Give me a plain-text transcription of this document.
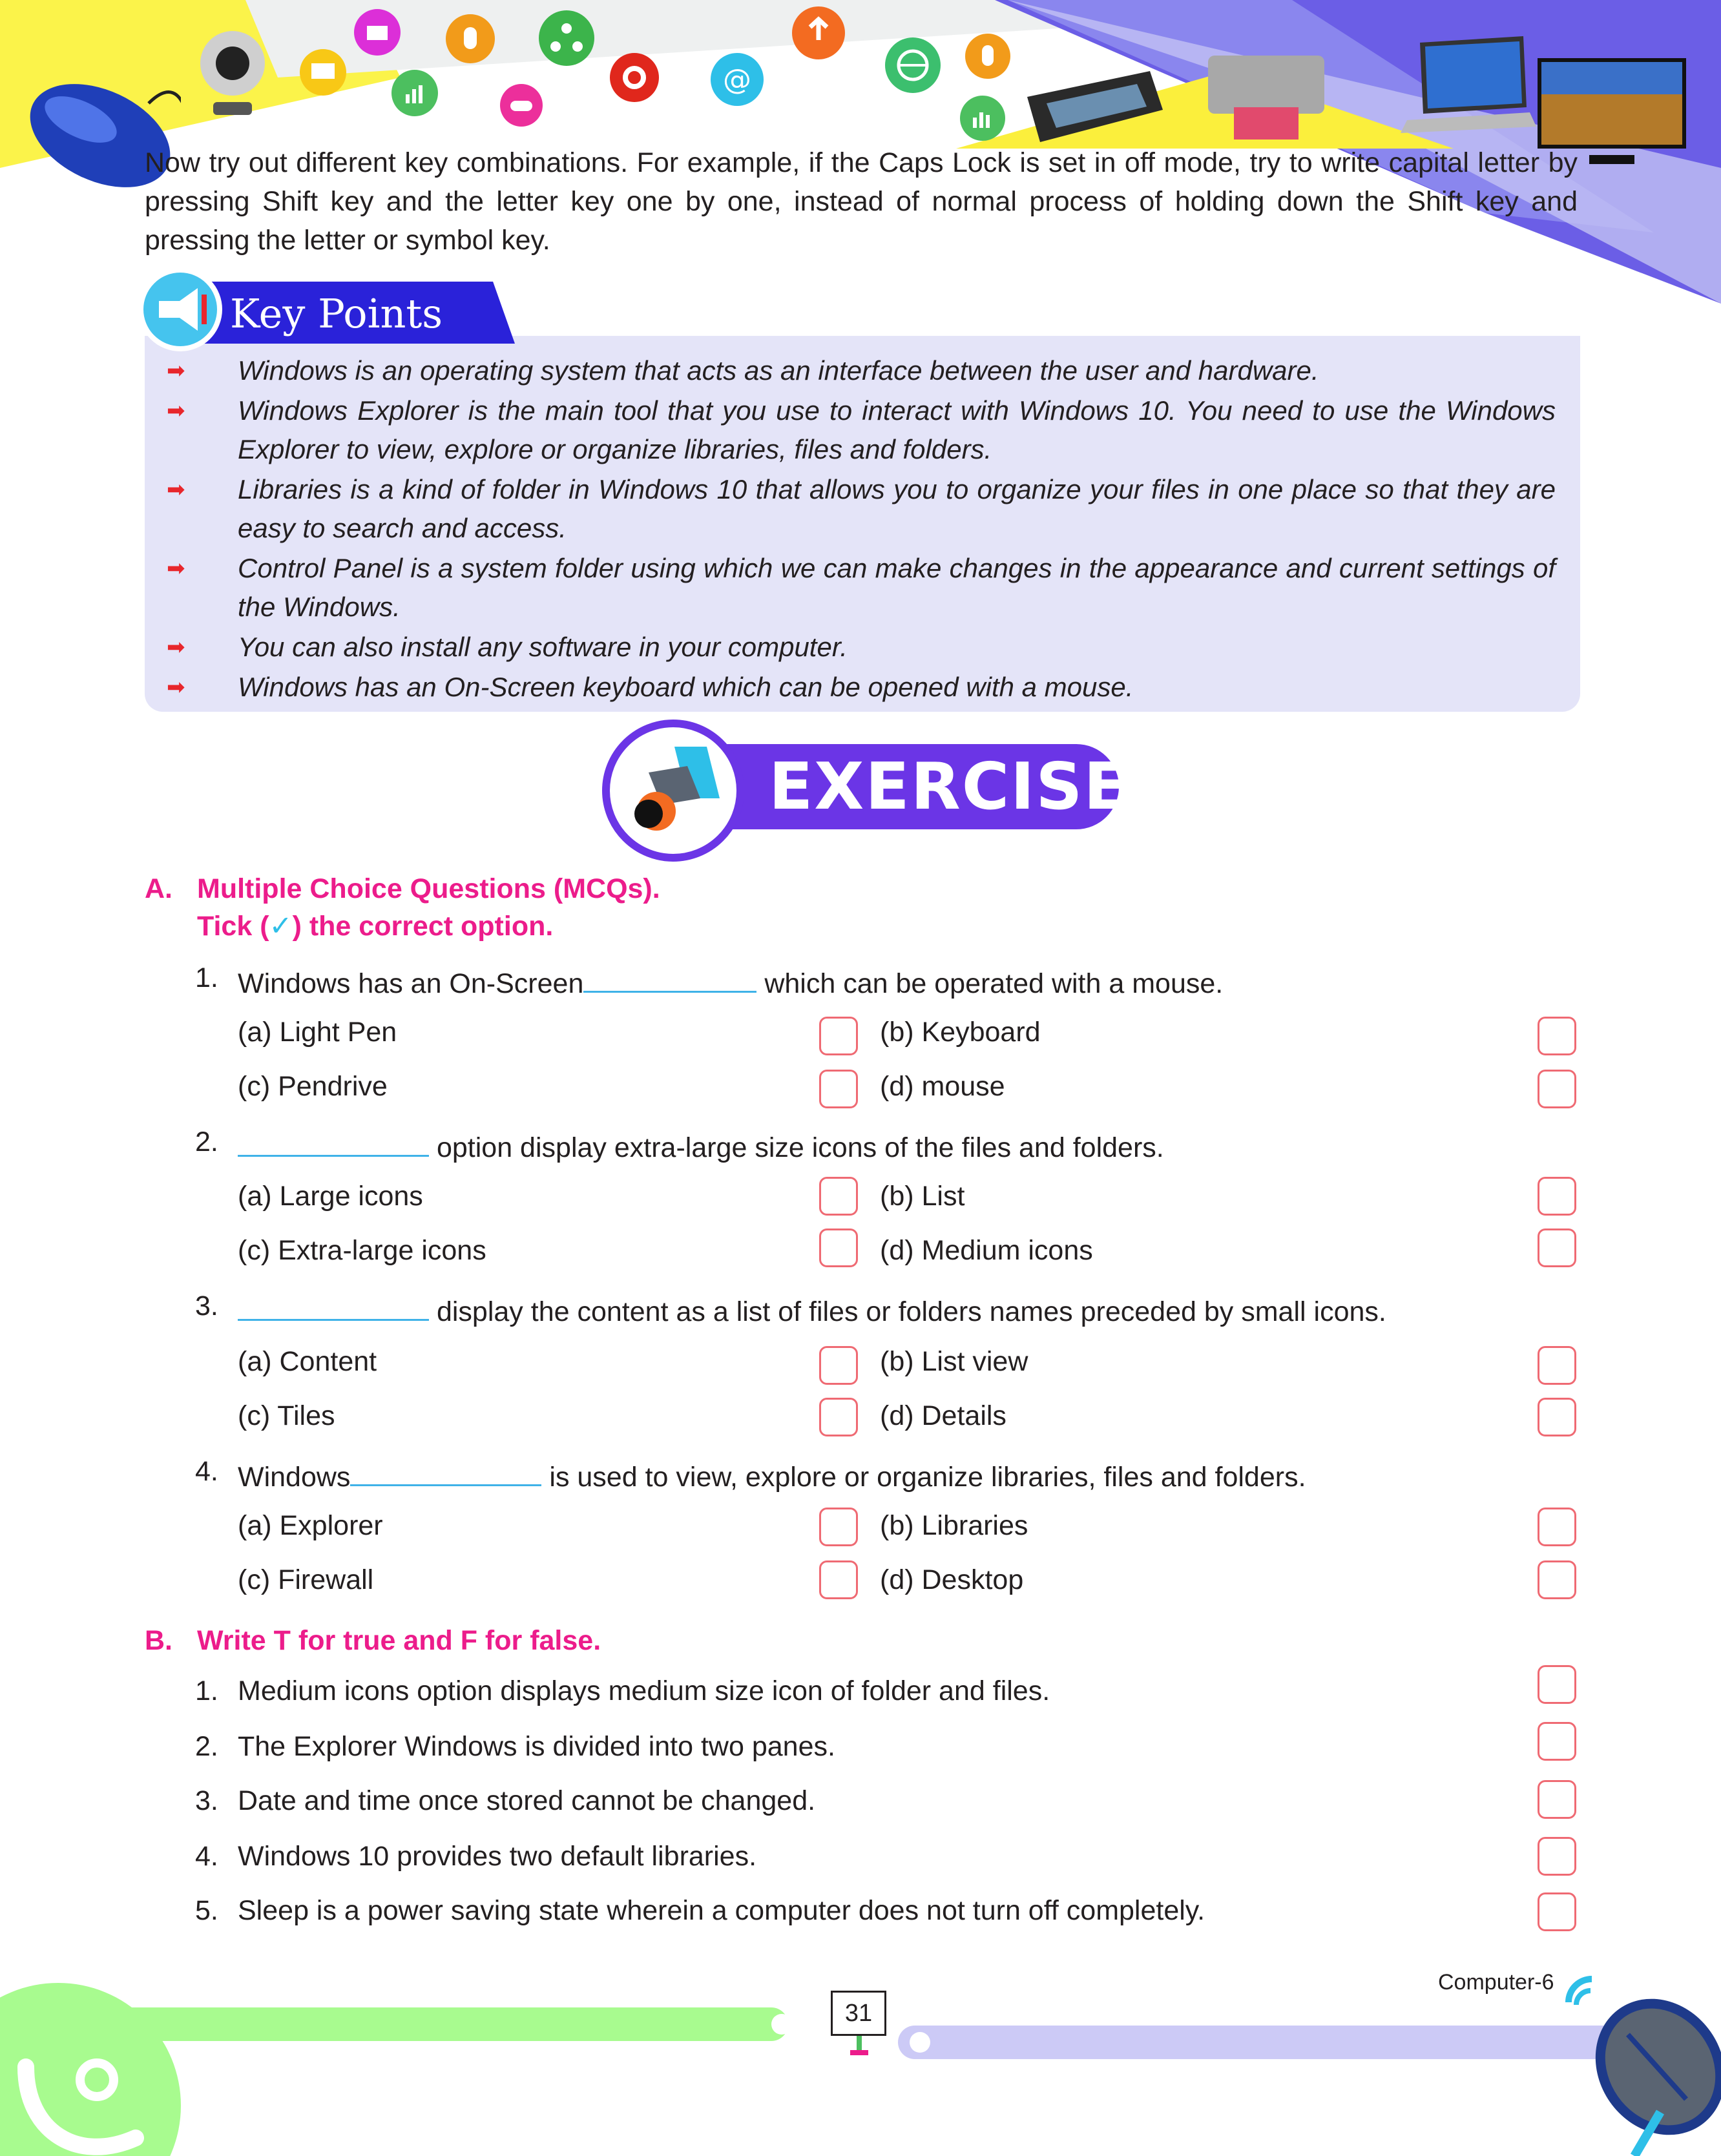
@

Now try out different key combinations. For example, if the Caps Lock is set in off mode, try to write capital letter by pressing Shift key and the letter key one by one, instead of normal process of holding down the Shift key and pressing the letter or symbol key.

Key Points
➡ Windows is an operating system that acts as an interface between the user and hardware.
➡ Windows Explorer is the main tool that you use to interact with Windows 10. You need to use the Windows Explorer to view, explore or organize libraries, files and folders.
➡ Libraries is a kind of folder in Windows 10 that allows you to organize your files in one place so that they are easy to search and access.
➡ Control Panel is a system folder using which we can make changes in the appearance and current settings of the Windows.
➡ You can also install any software in your computer.
➡ Windows has an On-Screen keyboard which can be opened with a mouse.
EXERCISE
A. Multiple Choice Questions (MCQs).
Tick (✓) the correct option.
1. Windows has an On-Screen	which can be operated with a mouse.
(a) Light Pen	(b) Keyboard
(c) Pendrive	(d) mouse
2.	option display extra-large size icons of the files and folders.
(a) Large icons	(b) List
(c) Extra-large icons	(d) Medium icons
3.	display the content as a list of files or folders names preceded by small icons.
(a) Content	(b) List view
(c) Tiles	(d) Details
4. Windows	is used to view, explore or organize libraries, files and folders.
(a) Explorer	(b) Libraries
(c) Firewall	(d) Desktop
B. Write T for true and F for false.
1. Medium icons option displays medium size icon of folder and files.
2. The Explorer Windows is divided into two panes.
3. Date and time once stored cannot be changed.
4. Windows 10 provides two default libraries.
5. Sleep is a power saving state wherein a computer does not turn off completely.
31
Computer-6
